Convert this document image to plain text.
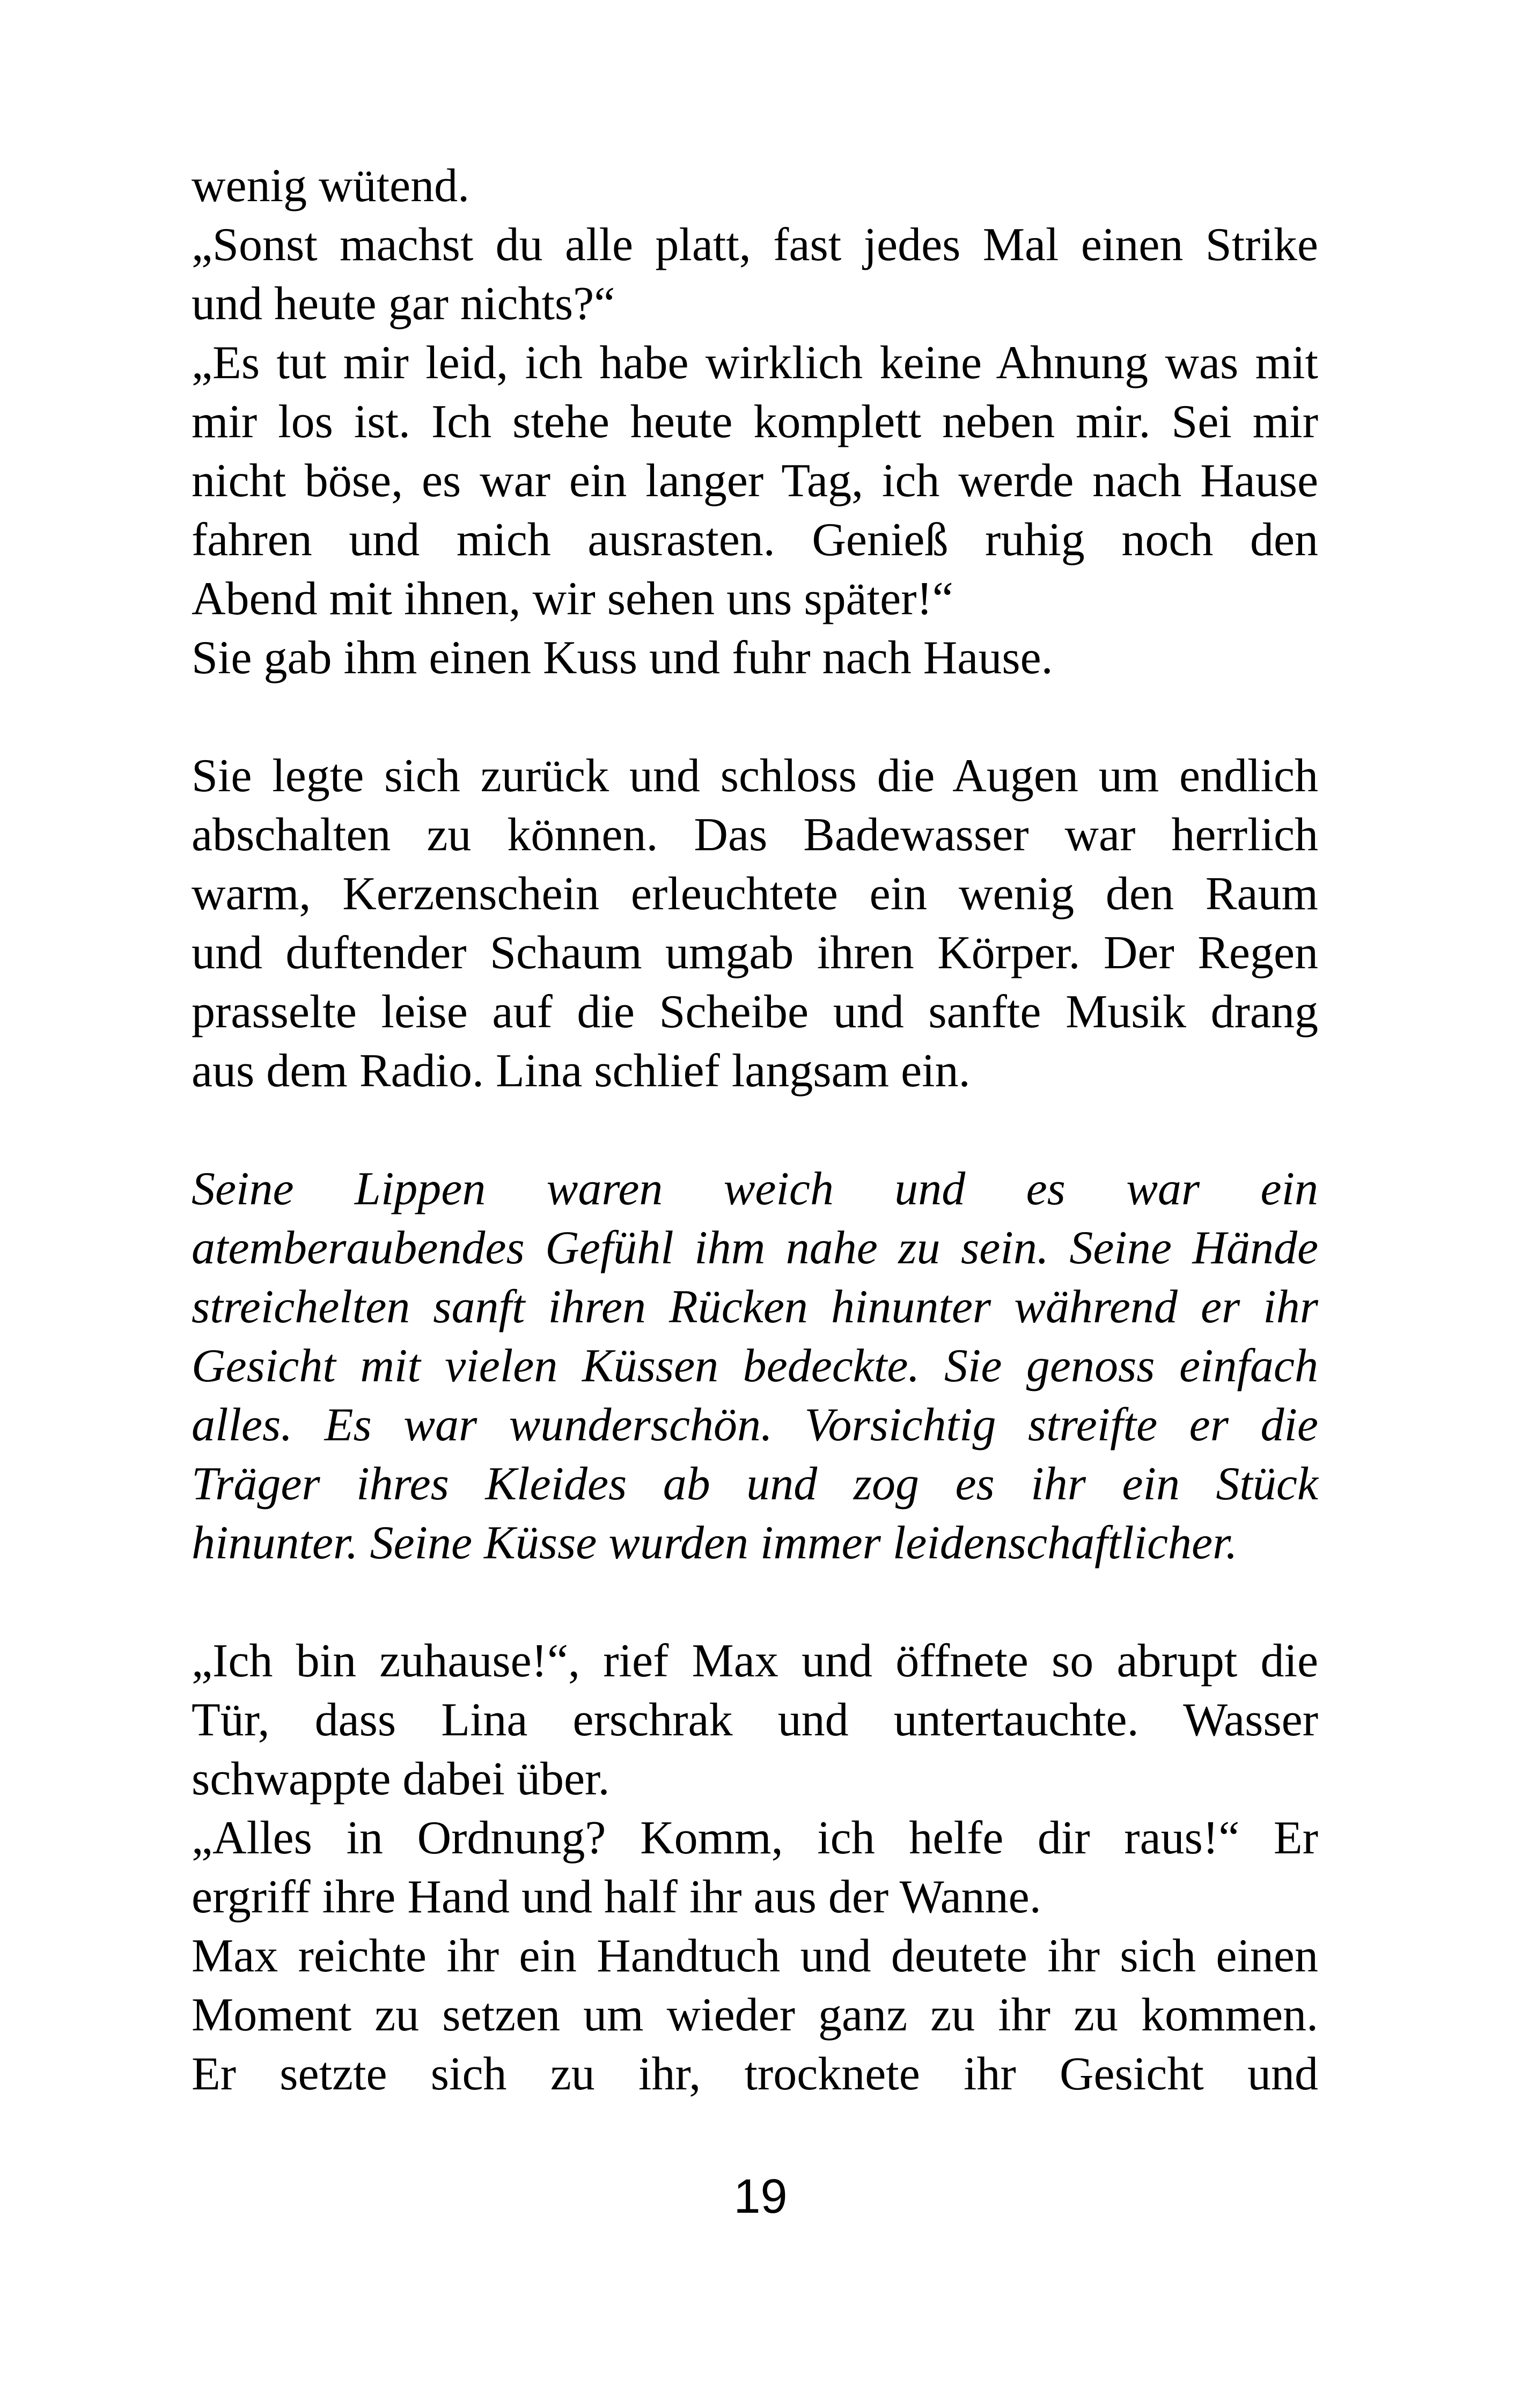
wenig wütend.
„Sonst machst du alle platt, fast jedes Mal einen Strike
und heute gar nichts?“
„Es tut mir leid, ich habe wirklich keine Ahnung was mit
mir los ist. Ich stehe heute komplett neben mir. Sei mir
nicht böse, es war ein langer Tag, ich werde nach Hause
fahren und mich ausrasten. Genieß ruhig noch den
Abend mit ihnen, wir sehen uns später!“
Sie gab ihm einen Kuss und fuhr nach Hause.
Sie legte sich zurück und schloss die Augen um endlich
abschalten zu können. Das Badewasser war herrlich
warm, Kerzenschein erleuchtete ein wenig den Raum
und duftender Schaum umgab ihren Körper. Der Regen
prasselte leise auf die Scheibe und sanfte Musik drang
aus dem Radio. Lina schlief langsam ein.
Seine Lippen waren weich und es war ein
atemberaubendes Gefühl ihm nahe zu sein. Seine Hände
streichelten sanft ihren Rücken hinunter während er ihr
Gesicht mit vielen Küssen bedeckte. Sie genoss einfach
alles. Es war wunderschön. Vorsichtig streifte er die
Träger ihres Kleides ab und zog es ihr ein Stück
hinunter. Seine Küsse wurden immer leidenschaftlicher.
„Ich bin zuhause!“, rief Max und öffnete so abrupt die
Tür, dass Lina erschrak und untertauchte. Wasser
schwappte dabei über.
„Alles in Ordnung? Komm, ich helfe dir raus!“ Er
ergriff ihre Hand und half ihr aus der Wanne.
Max reichte ihr ein Handtuch und deutete ihr sich einen
Moment zu setzen um wieder ganz zu ihr zu kommen.
Er setzte sich zu ihr, trocknete ihr Gesicht und
19
